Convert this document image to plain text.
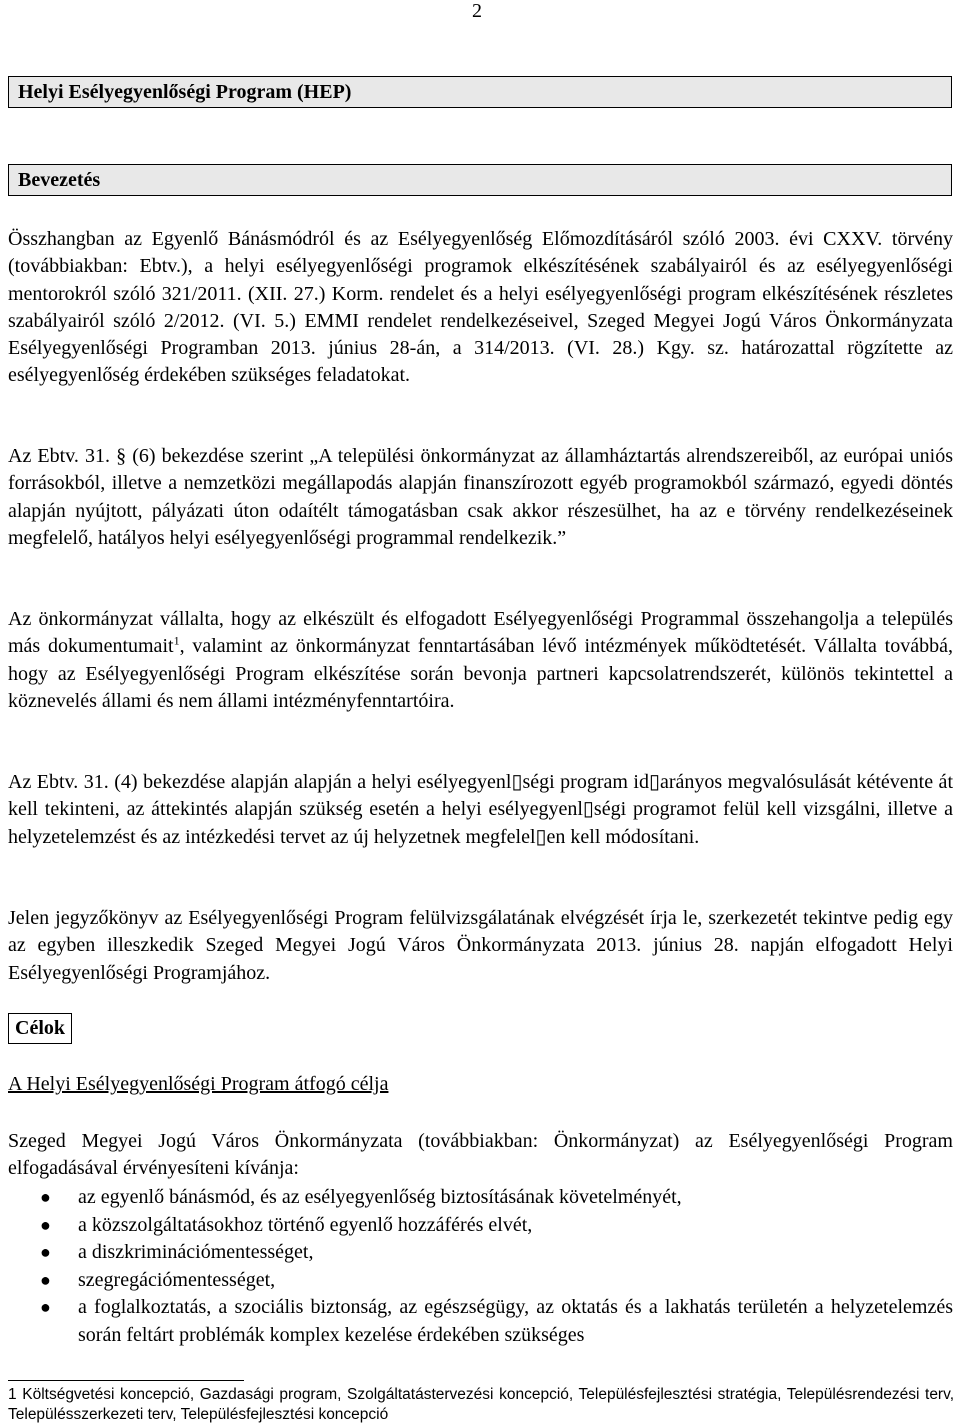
2
Helyi Esélyegyenlőségi Program (HEP)
Bevezetés

Összhangban az Egyenlő Bánásmódról és az Esélyegyenlőség Előmozdításáról szóló 2003. évi CXXV. törvény (továbbiakban: Ebtv.), a helyi esélyegyenlőségi programok elkészítésének szabályairól és az esélyegyenlőségi mentorokról szóló 321/2011. (XII. 27.) Korm. rendelet és a helyi esélyegyenlőségi program elkészítésének részletes szabályairól szóló 2/2012. (VI. 5.) EMMI rendelet rendelkezéseivel, Szeged Megyei Jogú Város Önkormányzata Esélyegyenlőségi Programban 2013. június 28-án, a 314/2013. (VI. 28.) Kgy. sz. határozattal rögzítette az esélyegyenlőség érdekében szükséges feladatokat.

Az Ebtv. 31. § (6) bekezdése szerint „A települési önkormányzat az államháztartás alrendszereiből, az európai uniós forrásokból, illetve a nemzetközi megállapodás alapján finanszírozott egyéb programokból származó, egyedi döntés alapján nyújtott, pályázati úton odaítélt támogatásban csak akkor részesülhet, ha az e törvény rendelkezéseinek megfelelő, hatályos helyi esélyegyenlőségi programmal rendelkezik.”

Az önkormányzat vállalta, hogy az elkészült és elfogadott Esélyegyenlőségi Programmal összehangolja a település más dokumentumait$^1$, valamint az önkormányzat fenntartásában lévő intézmények működtetését. Vállalta továbbá, hogy az Esélyegyenlőségi Program elkészítése során bevonja partneri kapcsolatrendszerét, különös tekintettel a köznevelés állami és nem állami intézményfenntartóira.

Az Ebtv. 31. (4) bekezdése alapján alapján a helyi esélyegyenl▯ségi program id▯arányos megvalósulását kétévente át kell tekinteni, az áttekintés alapján szükség esetén a helyi esélyegyenl▯ségi programot felül kell vizsgálni, illetve a helyzetelemzést és az intézkedési tervet az új helyzetnek megfelel▯en kell módosítani.

Jelen jegyzőkönyv az Esélyegyenlőségi Program felülvizsgálatának elvégzését írja le, szerkezetét tekintve pedig egy az egyben illeszkedik Szeged Megyei Jogú Város Önkormányzata 2013. június 28. napján elfogadott Helyi Esélyegyenlőségi Programjához.

Célok
A Helyi Esélyegyenlőségi Program átfogó célja

Szeged Megyei Jogú Város Önkormányzata (továbbiakban: Önkormányzat) az Esélyegyenlőségi Program elfogadásával érvényesíteni kívánja:

● az egyenlő bánásmód, és az esélyegyenlőség biztosításának követelményét,
● a közszolgáltatásokhoz történő egyenlő hozzáférés elvét,
● a diszkriminációmentességet,
● szegregációmentességet,
● a foglalkoztatás, a szociális biztonság, az egészségügy, az oktatás és a lakhatás területén a helyzetelemzés során feltárt problémák komplex kezelése érdekében szükséges
1 Költségvetési koncepció, Gazdasági program, Szolgáltatástervezési koncepció, Településfejlesztési stratégia, Településrendezési terv, Településszerkezeti terv, Településfejlesztési koncepció
